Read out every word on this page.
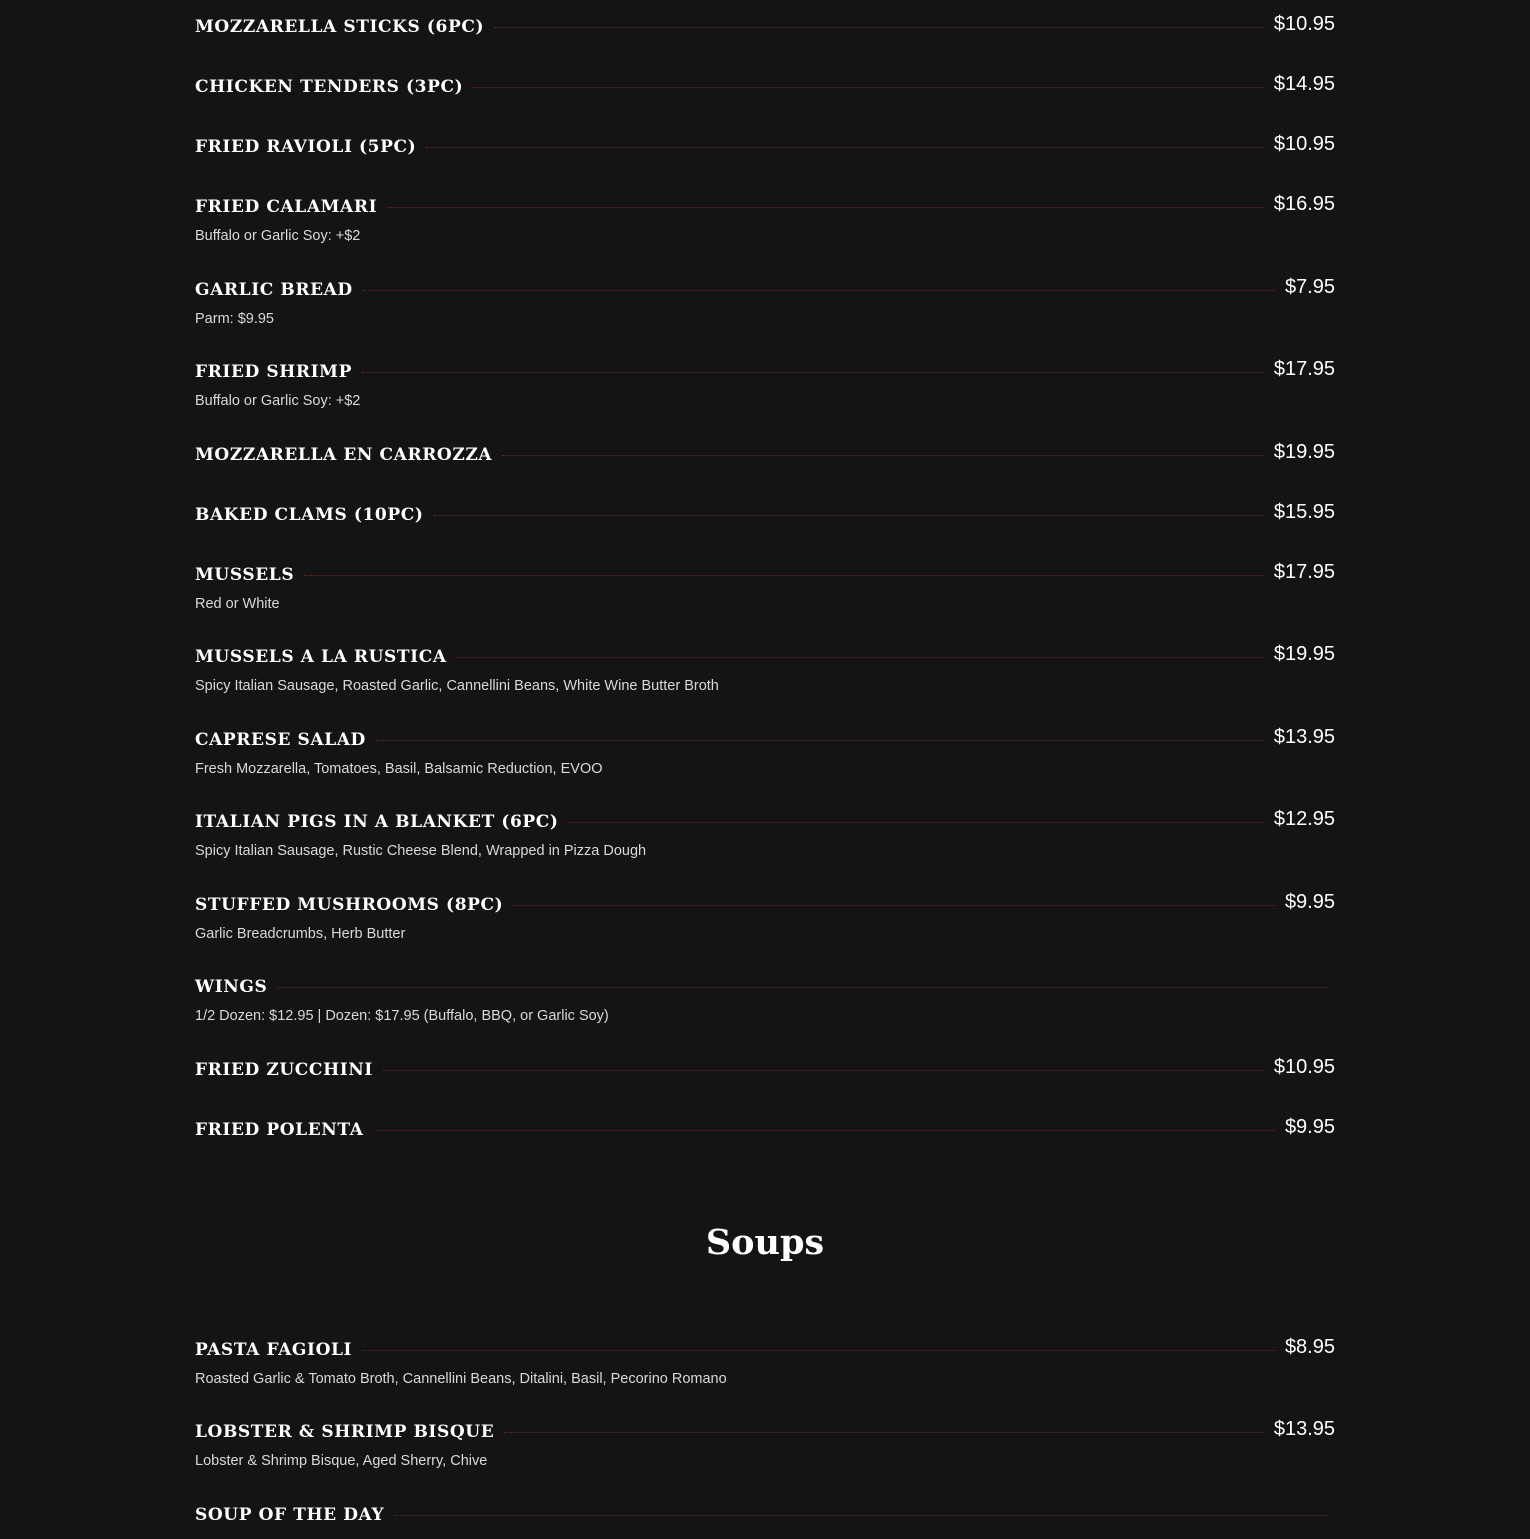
MOZZARELLA STICKS (6PC)	$10.95
CHICKEN TENDERS (3PC)	$14.95
FRIED RAVIOLI (5PC)	$10.95
FRIED CALAMARI	$16.95
Buffalo or Garlic Soy: +$2
GARLIC BREAD	$7.95
Parm: $9.95
FRIED SHRIMP	$17.95
Buffalo or Garlic Soy: +$2
MOZZARELLA EN CARROZZA	$19.95
BAKED CLAMS (10PC)	$15.95
MUSSELS	$17.95
Red or White
MUSSELS A LA RUSTICA	$19.95
Spicy Italian Sausage, Roasted Garlic, Cannellini Beans, White Wine Butter Broth
CAPRESE SALAD	$13.95
Fresh Mozzarella, Tomatoes, Basil, Balsamic Reduction, EVOO
ITALIAN PIGS IN A BLANKET (6PC)	$12.95
Spicy Italian Sausage, Rustic Cheese Blend, Wrapped in Pizza Dough
STUFFED MUSHROOMS (8PC)	$9.95
Garlic Breadcrumbs, Herb Butter
WINGS
1/2 Dozen: $12.95 | Dozen: $17.95 (Buffalo, BBQ, or Garlic Soy)
FRIED ZUCCHINI	$10.95
FRIED POLENTA	$9.95
Soups
PASTA FAGIOLI	$8.95
Roasted Garlic & Tomato Broth, Cannellini Beans, Ditalini, Basil, Pecorino Romano
LOBSTER & SHRIMP BISQUE	$13.95
Lobster & Shrimp Bisque, Aged Sherry, Chive
SOUP OF THE DAY
